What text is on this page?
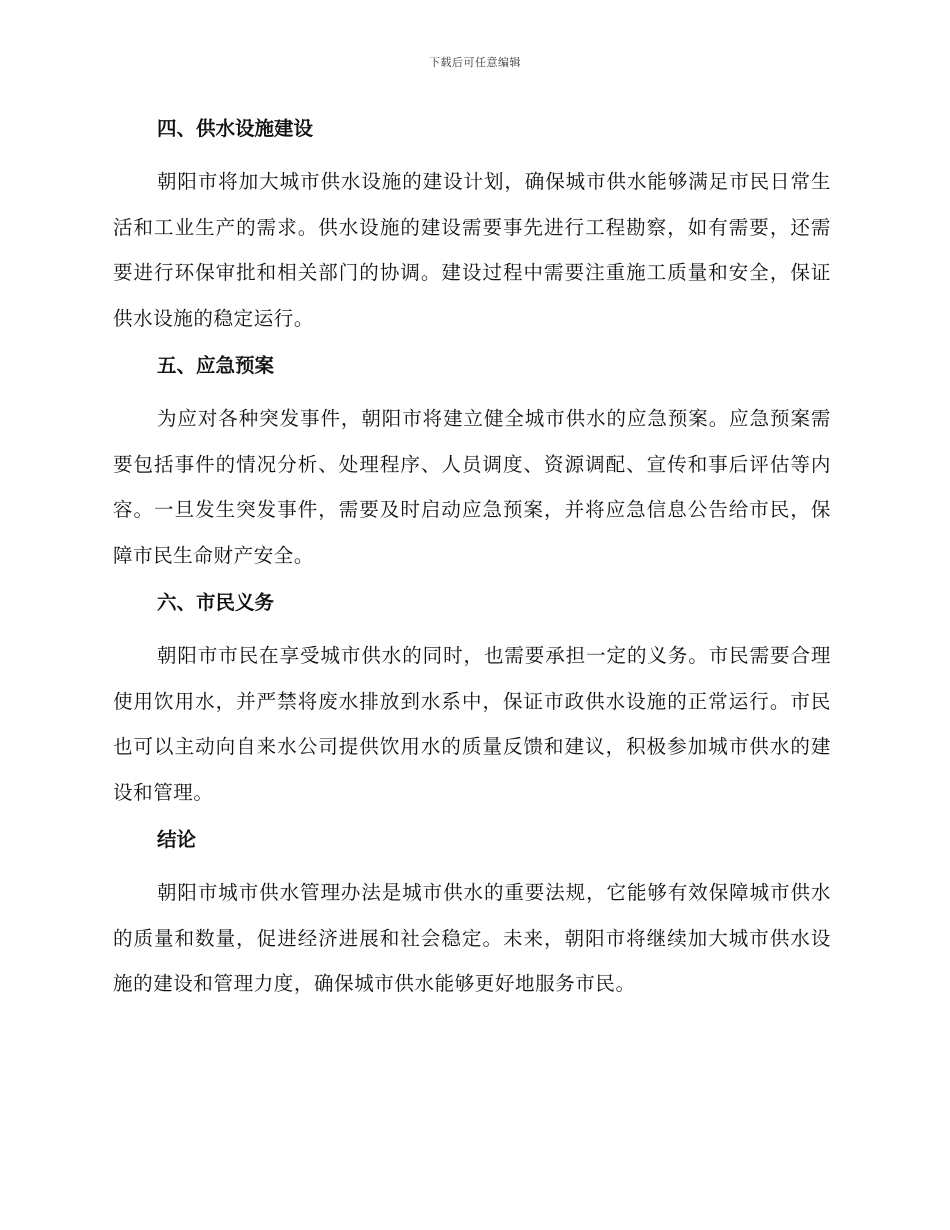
下载后可任意编辑
四、供水设施建设

朝阳市将加大城市供水设施的建设计划，确保城市供水能够满足市民日常生活和工业生产的需求。供水设施的建设需要事先进行工程勘察，如有需要，还需要进行环保审批和相关部门的协调。建设过程中需要注重施工质量和安全，保证供水设施的稳定运行。

五、应急预案

为应对各种突发事件，朝阳市将建立健全城市供水的应急预案。应急预案需要包括事件的情况分析、处理程序、人员调度、资源调配、宣传和事后评估等内容。一旦发生突发事件，需要及时启动应急预案，并将应急信息公告给市民，保障市民生命财产安全。

六、市民义务

朝阳市市民在享受城市供水的同时，也需要承担一定的义务。市民需要合理使用饮用水，并严禁将废水排放到水系中，保证市政供水设施的正常运行。市民也可以主动向自来水公司提供饮用水的质量反馈和建议，积极参加城市供水的建设和管理。

结论

朝阳市城市供水管理办法是城市供水的重要法规，它能够有效保障城市供水的质量和数量，促进经济进展和社会稳定。未来，朝阳市将继续加大城市供水设施的建设和管理力度，确保城市供水能够更好地服务市民。
